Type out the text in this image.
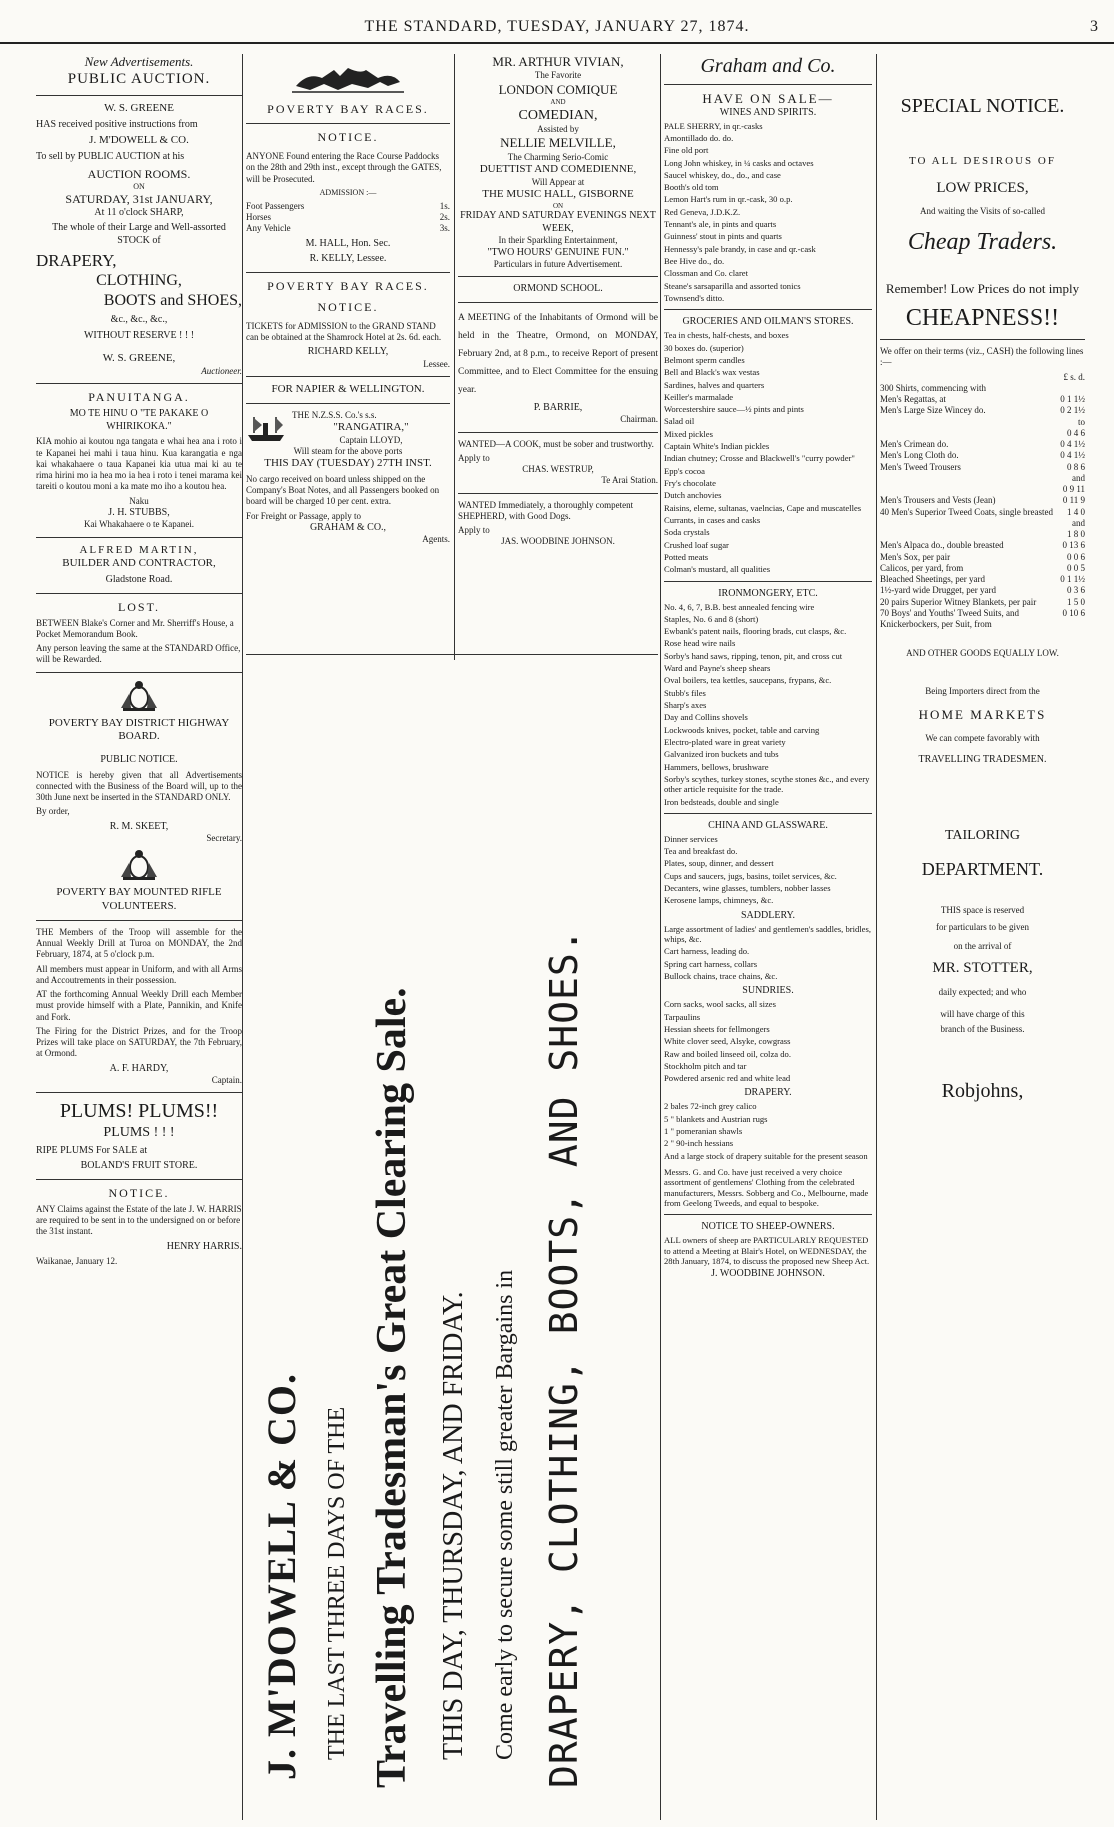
THE STANDARD, TUESDAY, JANUARY 27, 1874.	3
New Advertisements.
PUBLIC AUCTION.
W. S. GREENE
HAS received positive instructions from
J. M'DOWELL & CO.
To sell by PUBLIC AUCTION at his
AUCTION ROOMS.
ON
SATURDAY, 31st JANUARY,
At 11 o'clock SHARP,
The whole of their Large and Well-assorted STOCK of
DRAPERY,
CLOTHING,
BOOTS and SHOES,
&c., &c., &c.,
WITHOUT RESERVE ! ! !
W. S. GREENE,
Auctioneer.
PANUITANGA.
MO TE HINU O "TE PAKAKE O WHIRIKOKA."
KIA mohio ai koutou nga tangata e whai hea ana i roto i te Kapanei hei mahi i taua hinu. Kua karangatia e nga kai whakahaere o taua Kapanei kia utua mai ki au te rima hirini mo ia hea mo ia hea i roto i tenei marama kei tareiti o koutou moni a ka mate mo iho a koutou hea.
Naku
J. H. STUBBS,
Kai Whakahaere o te Kapanei.
ALFRED MARTIN,
BUILDER AND CONTRACTOR,
Gladstone Road.
LOST.
BETWEEN Blake's Corner and Mr. Sherriff's House, a Pocket Memorandum Book.
Any person leaving the same at the STANDARD Office, will be Rewarded.
POVERTY BAY DISTRICT HIGHWAY BOARD.
PUBLIC NOTICE.
NOTICE is hereby given that all Advertisements connected with the Business of the Board will, up to the 30th June next be inserted in the STANDARD ONLY.
By order,
R. M. SKEET,
Secretary.
POVERTY BAY MOUNTED RIFLE VOLUNTEERS.
THE Members of the Troop will assemble for the Annual Weekly Drill at Turoa on MONDAY, the 2nd February, 1874, at 5 o'clock p.m.
All members must appear in Uniform, and with all Arms and Accoutrements in their possession.
AT the forthcoming Annual Weekly Drill each Member must provide himself with a Plate, Pannikin, and Knife and Fork.
The Firing for the District Prizes, and for the Troop Prizes will take place on SATURDAY, the 7th February, at Ormond.
A. F. HARDY,
Captain.
PLUMS! PLUMS!!
PLUMS ! ! !
RIPE PLUMS For SALE at
BOLAND'S FRUIT STORE.
NOTICE.
ANY Claims against the Estate of the late J. W. HARRIS are required to be sent in to the undersigned on or before the 31st instant.
HENRY HARRIS.
Waikanae, January 12.
POVERTY BAY RACES.
NOTICE.
ANYONE Found entering the Race Course Paddocks on the 28th and 29th inst., except through the GATES, will be Prosecuted.
ADMISSION :—
Foot Passengers	1s.
Horses	2s.
Any Vehicle	3s.
M. HALL, Hon. Sec.
R. KELLY, Lessee.
POVERTY BAY RACES.
NOTICE.
TICKETS for ADMISSION to the GRAND STAND can be obtained at the Shamrock Hotel at 2s. 6d. each.
RICHARD KELLY,
Lessee.
FOR NAPIER & WELLINGTON.
THE N.Z.S.S. Co.'s s.s.
"RANGATIRA,"
Captain LLOYD,
Will steam for the above ports
THIS DAY (TUESDAY) 27TH INST.
No cargo received on board unless shipped on the Company's Boat Notes, and all Passengers booked on board will be charged 10 per cent. extra.
For Freight or Passage, apply to
GRAHAM & CO.,
Agents.
MR. ARTHUR VIVIAN,
The Favorite
LONDON COMIQUE
AND
COMEDIAN,
Assisted by
NELLIE MELVILLE,
The Charming Serio-Comic
DUETTIST AND COMEDIENNE,
Will Appear at
THE MUSIC HALL, GISBORNE
ON
FRIDAY AND SATURDAY EVENINGS NEXT WEEK,
In their Sparkling Entertainment,
"TWO HOURS' GENUINE FUN."
Particulars in future Advertisement.
ORMOND SCHOOL.
A MEETING of the Inhabitants of Ormond will be held in the Theatre, Ormond, on MONDAY, February 2nd, at 8 p.m., to receive Report of present Committee, and to Elect Committee for the ensuing year.
P. BARRIE,
Chairman.
WANTED—A COOK, must be sober and trustworthy.
Apply to
CHAS. WESTRUP,
Te Arai Station.
WANTED Immediately, a thoroughly competent SHEPHERD, with Good Dogs.
Apply to
JAS. WOODBINE JOHNSON.
J. M'DOWELL & CO. THE LAST THREE DAYS OF THE Travelling Tradesman's Great Clearing Sale. THIS DAY, THURSDAY, AND FRIDAY. Come early to secure some still greater Bargains in DRAPERY, CLOTHING, BOOTS, AND SHOES.
Graham and Co.
HAVE ON SALE—
WINES AND SPIRITS.
PALE SHERRY, in qr.-casks
Amontillado do. do.
Fine old port
Long John whiskey, in ¼ casks and octaves
Saucel whiskey, do., do., and case
Booth's old tom
Lemon Hart's rum in qr.-cask, 30 o.p.
Red Geneva, J.D.K.Z.
Tennant's ale, in pints and quarts
Guinness' stout in pints and quarts
Hennessy's pale brandy, in case and qr.-cask
Bee Hive do., do.
Clossman and Co. claret
Steane's sarsaparilla and assorted tonics
Townsend's ditto.
GROCERIES AND OILMAN'S STORES.
Tea in chests, half-chests, and boxes
30 boxes do. (superior)
Belmont sperm candles
Bell and Black's wax vestas
Sardines, halves and quarters
Keiller's marmalade
Worcestershire sauce—½ pints and pints
Salad oil
Mixed pickles
Captain White's Indian pickles
Indian chutney; Crosse and Blackwell's "curry powder"
Epp's cocoa
Fry's chocolate
Dutch anchovies
Raisins, eleme, sultanas, vaelncias, Cape and muscatelles
Currants, in cases and casks
Soda crystals
Crushed loaf sugar
Potted meats
Colman's mustard, all qualities
IRONMONGERY, ETC.
No. 4, 6, 7, B.B. best annealed fencing wire
Staples, No. 6 and 8 (short)
Ewbank's patent nails, flooring brads, cut clasps, &c.
Rose head wire nails
Sorby's hand saws, ripping, tenon, pit, and cross cut
Ward and Payne's sheep shears
Oval boilers, tea kettles, saucepans, frypans, &c.
Stubb's files
Sharp's axes
Day and Collins shovels
Lockwoods knives, pocket, table and carving
Electro-plated ware in great variety
Galvanized iron buckets and tubs
Hammers, bellows, brushware
Sorby's scythes, turkey stones, scythe stones &c., and every other article requisite for the trade.
Iron bedsteads, double and single
CHINA AND GLASSWARE.
Dinner services
Tea and breakfast do.
Plates, soup, dinner, and dessert
Cups and saucers, jugs, basins, toilet services, &c.
Decanters, wine glasses, tumblers, nobber lasses
Kerosene lamps, chimneys, &c.
SADDLERY.
Large assortment of ladies' and gentlemen's saddles, bridles, whips, &c.
Cart harness, leading do.
Spring cart harness, collars
Bullock chains, trace chains, &c.
SUNDRIES.
Corn sacks, wool sacks, all sizes
Tarpaulins
Hessian sheets for fellmongers
White clover seed, Alsyke, cowgrass
Raw and boiled linseed oil, colza do.
Stockholm pitch and tar
Powdered arsenic red and white lead
DRAPERY.
2 bales 72-inch grey calico
5 " blankets and Austrian rugs
1 " pomeranian shawls
2 " 90-inch hessians
And a large stock of drapery suitable for the present season
Messrs. G. and Co. have just received a very choice assortment of gentlemens' Clothing from the celebrated manufacturers, Messrs. Sobberg and Co., Melbourne, made from Geelong Tweeds, and equal to bespoke.
NOTICE TO SHEEP-OWNERS.
ALL owners of sheep are PARTICULARLY REQUESTED to attend a Meeting at Blair's Hotel, on WEDNESDAY, the 28th January, 1874, to discuss the proposed new Sheep Act.
J. WOODBINE JOHNSON.
SPECIAL NOTICE.
TO ALL DESIROUS OF
LOW PRICES,
And waiting the Visits of so-called
Cheap Traders.
Remember! Low Prices do not imply
CHEAPNESS!!
We offer on their terms (viz., CASH) the following lines :—
£ s. d.
300 Shirts, commencing with
Men's Regattas, at	0 1 1½
Men's Large Size Wincey do.	0 2 1½
to
0 4 6
Men's Crimean do.	0 4 1½
Men's Long Cloth do.	0 4 1½
Men's Tweed Trousers	0 8 6
and
0 9 11
Men's Trousers and Vests (Jean)	0 11 9
40 Men's Superior Tweed Coats, single breasted	1 4 0
and
1 8 0
Men's Alpaca do., double breasted	0 13 6
Men's Sox, per pair	0 0 6
Calicos, per yard, from	0 0 5
Bleached Sheetings, per yard	0 1 1½
1½-yard wide Drugget, per yard	0 3 6
20 pairs Superior Witney Blankets, per pair	1 5 0
70 Boys' and Youths' Tweed Suits, and Knickerbockers, per Suit, from
0 10 6
AND OTHER GOODS EQUALLY LOW.
Being Importers direct from the
HOME MARKETS
We can compete favorably with
TRAVELLING TRADESMEN.
TAILORING
DEPARTMENT.
THIS space is reserved
for particulars to be given
on the arrival of
MR. STOTTER,
daily expected; and who
will have charge of this
branch of the Business.
Robjohns,
